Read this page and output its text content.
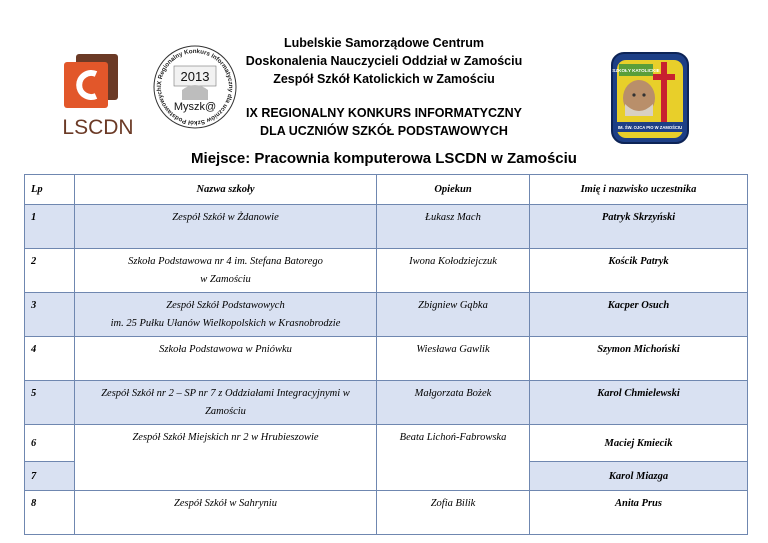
Lubelskie Samorządowe Centrum
Doskonalenia Nauczycieli Oddział w Zamościu
Zespół Szkół Katolickich w Zamościu
IX REGIONALNY KONKURS INFORMATYCZNY
DLA UCZNIÓW SZKÓŁ PODSTAWOWYCH
LSCDN
IX Regionalny Konkurs Informatyczny dla uczniów Szkół Podstawowych
2013
Myszk@
SZKOŁY KATOLICKIE
IM. ŚW. OJCA PIO W ZAMOŚCIU
Miejsce: Pracownia komputerowa LSCDN w Zamościu
Lp	Nazwa szkoły	Opiekun	Imię i nazwisko uczestnika
1	Zespół Szkół w Żdanowie	Łukasz Mach	Patryk Skrzyński
2	Szkoła Podstawowa nr 4 im. Stefana Batorego
w Zamościu	Iwona Kołodziejczuk	Kościk Patryk
3	Zespół Szkół Podstawowych
im. 25 Pułku Ułanów Wielkopolskich w Krasnobrodzie	Zbigniew Gąbka	Kacper Osuch
4	Szkoła Podstawowa w Pniówku	Wiesława Gawlik	Szymon Michoński
5	Zespół Szkół nr 2 – SP nr 7 z Oddziałami Integracyjnymi w
Zamościu	Małgorzata Bożek	Karol Chmielewski
6	Zespół Szkół Miejskich nr 2 w Hrubieszowie	Beata Lichoń-Fabrowska	Maciej Kmiecik
7			Karol Miazga
8	Zespół Szkół w Sahryniu	Zofia Bilik	Anita Prus
